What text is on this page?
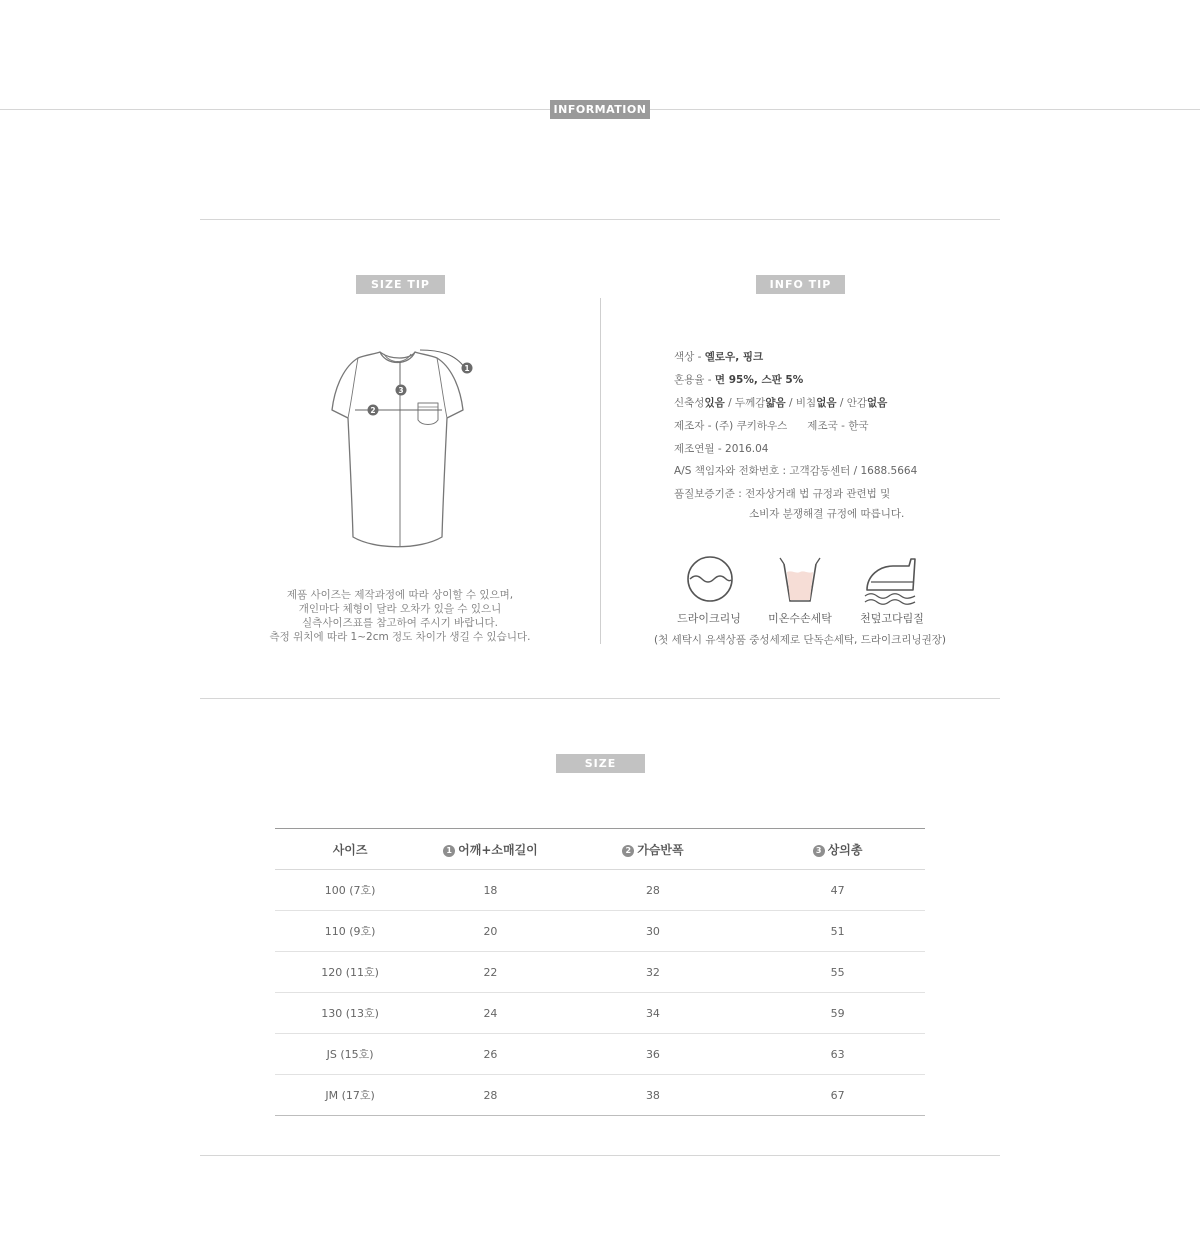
INFORMATION
SIZE TIP
1
2
3
제품 사이즈는 제작과정에 따라 상이할 수 있으며,
개인마다 체형이 달라 오차가 있을 수 있으니
실측사이즈표를 참고하여 주시기 바랍니다.
측정 위치에 따라 1~2cm 정도 차이가 생길 수 있습니다.
INFO TIP
색상 - 옐로우, 핑크
혼용율 - 면 95%, 스판 5%
신축성있음 / 두께감얇음 / 비침없음 / 안감없음
제조자 - (주) 쿠키하우스 제조국 - 한국
제조연월 - 2016.04
A/S 책임자와 전화번호 : 고객감동센터 / 1688.5664
품질보증기준 : 전자상거래 법 규정과 관련법 및
소비자 분쟁해결 규정에 따릅니다.
드라이크리닝	미온수손세탁	천덮고다림질
(첫 세탁시 유색상품 중성세제로 단독손세탁, 드라이크리닝권장)
SIZE
사이즈	1 어깨+소매길이	2 가슴반폭	3 상의총
100 (7호)	18	28	47
110 (9호)	20	30	51
120 (11호)	22	32	55
130 (13호)	24	34	59
JS (15호)	26	36	63
JM (17호)	28	38	67
